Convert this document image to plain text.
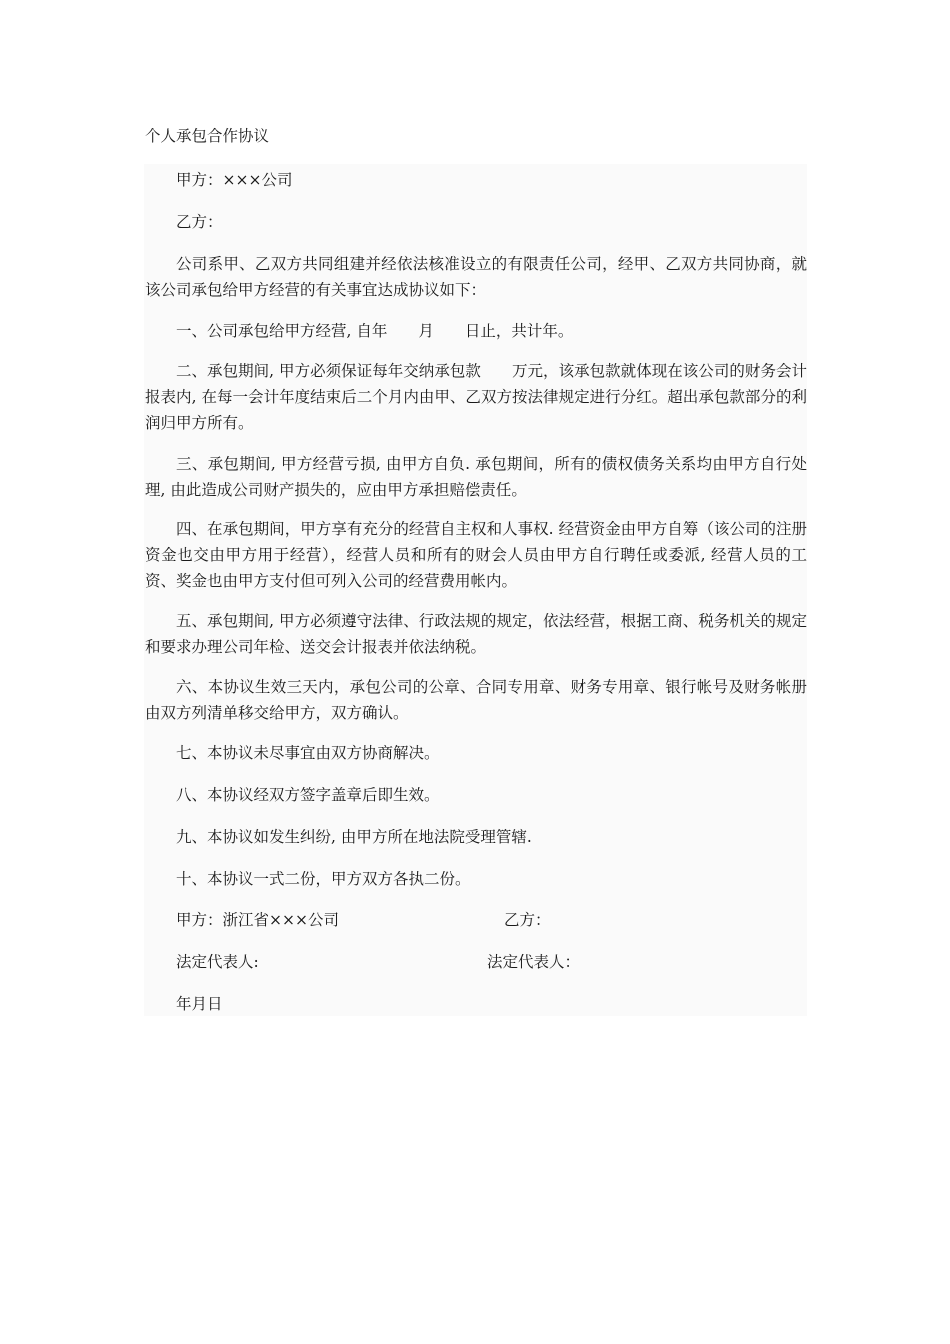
个人承包合作协议

甲方：×××公司

乙方：

公司系甲、乙双方共同组建并经依法核准设立的有限责任公司，经甲、乙双方共同协商，就该公司承包给甲方经营的有关事宜达成协议如下：

一、公司承包给甲方经营, 自年　　月　　日止，共计年。

二、承包期间, 甲方必须保证每年交纳承包款　　万元，该承包款就体现在该公司的财务会计报表内, 在每一会计年度结束后二个月内由甲、乙双方按法律规定进行分红。超出承包款部分的利润归甲方所有。

三、承包期间, 甲方经营亏损, 由甲方自负. 承包期间，所有的债权债务关系均由甲方自行处理, 由此造成公司财产损失的，应由甲方承担赔偿责任。

四、在承包期间，甲方享有充分的经营自主权和人事权. 经营资金由甲方自筹（该公司的注册资金也交由甲方用于经营），经营人员和所有的财会人员由甲方自行聘任或委派, 经营人员的工资、奖金也由甲方支付但可列入公司的经营费用帐内。

五、承包期间, 甲方必须遵守法律、行政法规的规定，依法经营，根据工商、税务机关的规定和要求办理公司年检、送交会计报表并依法纳税。

六、本协议生效三天内，承包公司的公章、合同专用章、财务专用章、银行帐号及财务帐册由双方列清单移交给甲方，双方确认。

七、本协议未尽事宜由双方协商解决。

八、本协议经双方签字盖章后即生效。

九、本协议如发生纠纷, 由甲方所在地法院受理管辖.

十、本协议一式二份，甲方双方各执二份。

甲方：浙江省×××公司	乙方：

法定代表人:	法定代表人：

年月日
